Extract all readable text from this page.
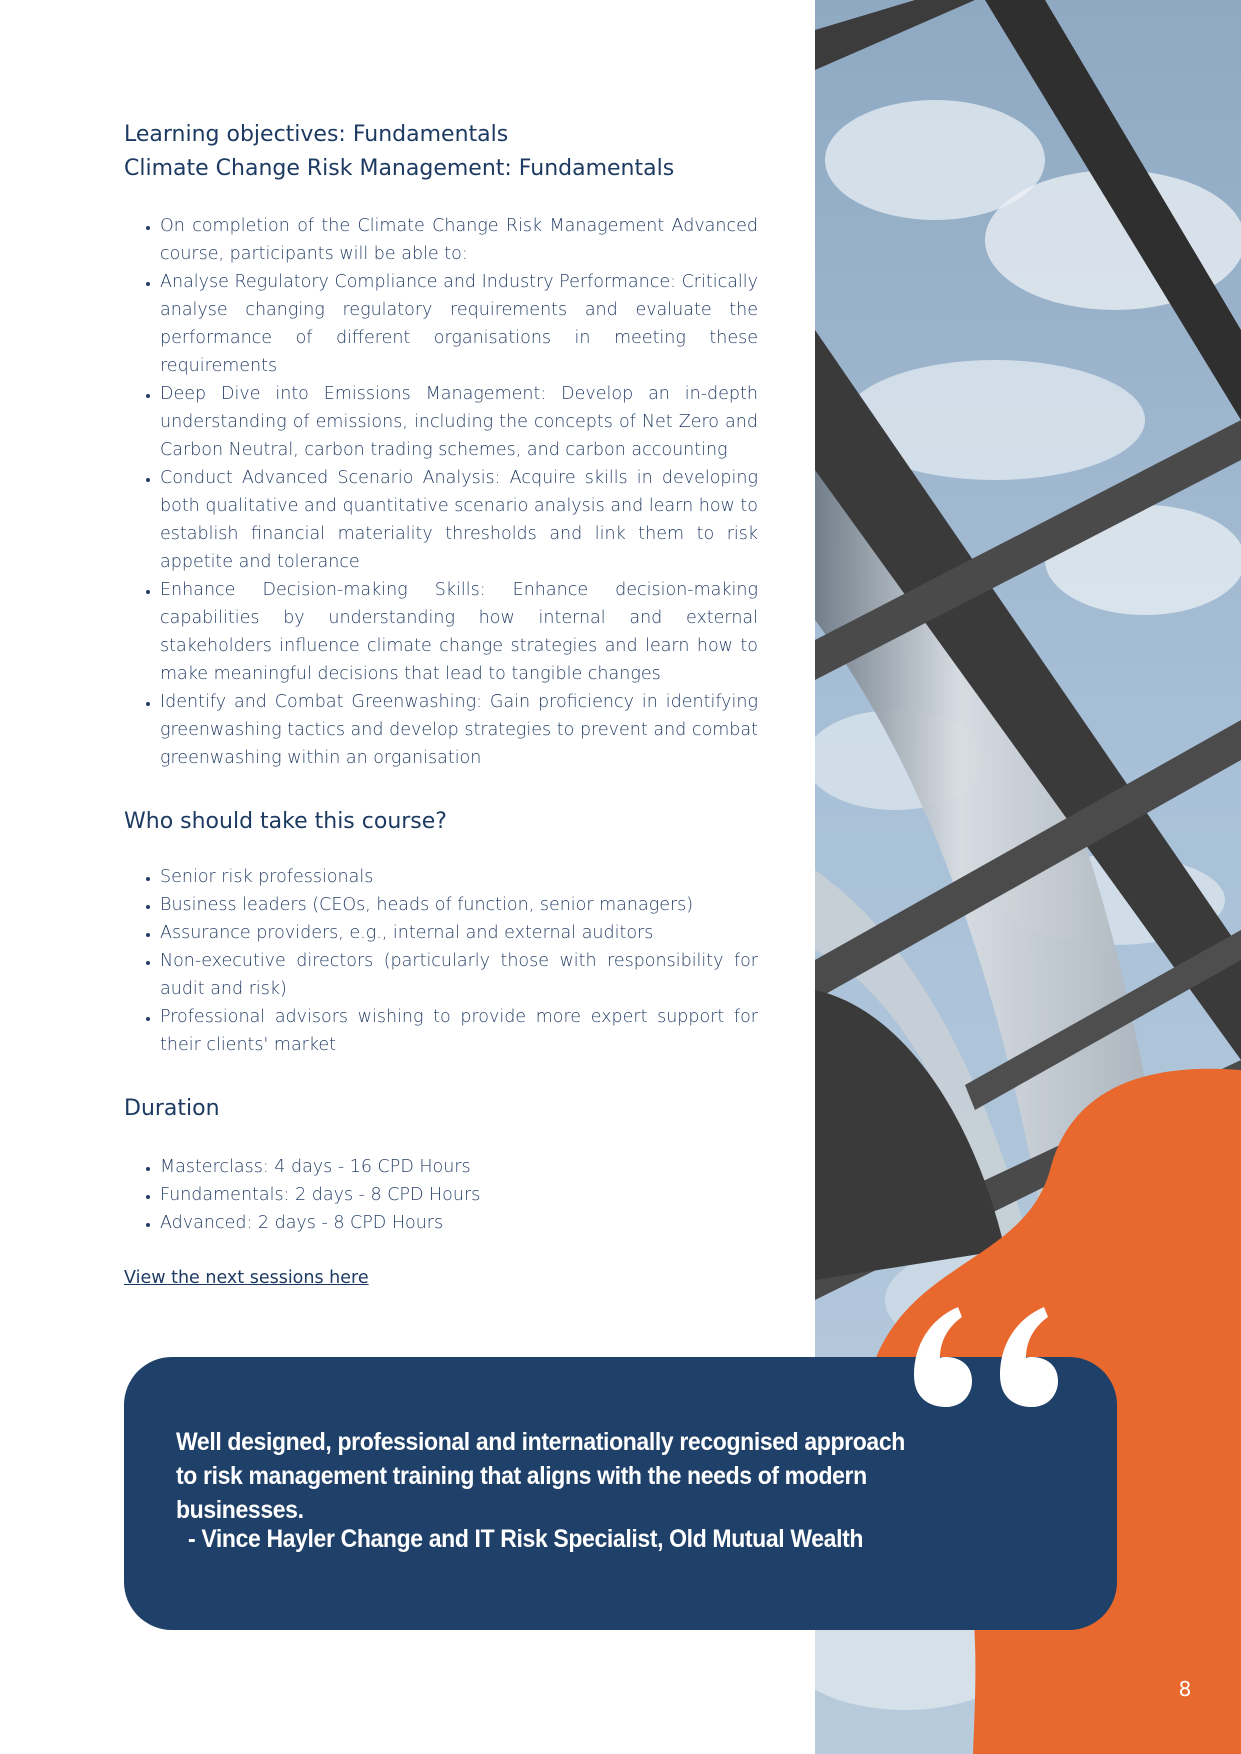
Learning objectives: Fundamentals
Climate Change Risk Management: Fundamentals
• On completion of the Climate Change Risk Management Advanced course, participants will be able to:
• Analyse Regulatory Compliance and Industry Performance: Critically analyse changing regulatory requirements and evaluate the performance of different organisations in meeting these requirements
• Deep Dive into Emissions Management: Develop an in-depth understanding of emissions, including the concepts of Net Zero and Carbon Neutral, carbon trading schemes, and carbon accounting
• Conduct Advanced Scenario Analysis: Acquire skills in developing both qualitative and quantitative scenario analysis and learn how to establish financial materiality thresholds and link them to risk appetite and tolerance
• Enhance Decision-making Skills: Enhance decision-making capabilities by understanding how internal and external stakeholders influence climate change strategies and learn how to make meaningful decisions that lead to tangible changes
• Identify and Combat Greenwashing: Gain proficiency in identifying greenwashing tactics and develop strategies to prevent and combat greenwashing within an organisation
Who should take this course?
• Senior risk professionals
• Business leaders (CEOs, heads of function, senior managers)
• Assurance providers, e.g., internal and external auditors
• Non-executive directors (particularly those with responsibility for audit and risk)
• Professional advisors wishing to provide more expert support for their clients' market
Duration
• Masterclass: 4 days - 16 CPD Hours
• Fundamentals: 2 days - 8 CPD Hours
• Advanced: 2 days - 8 CPD Hours
View the next sessions here
Well designed, professional and internationally recognised approach
to risk management training that aligns with the needs of modern businesses.
- Vince Hayler Change and IT Risk Specialist, Old Mutual Wealth
8
